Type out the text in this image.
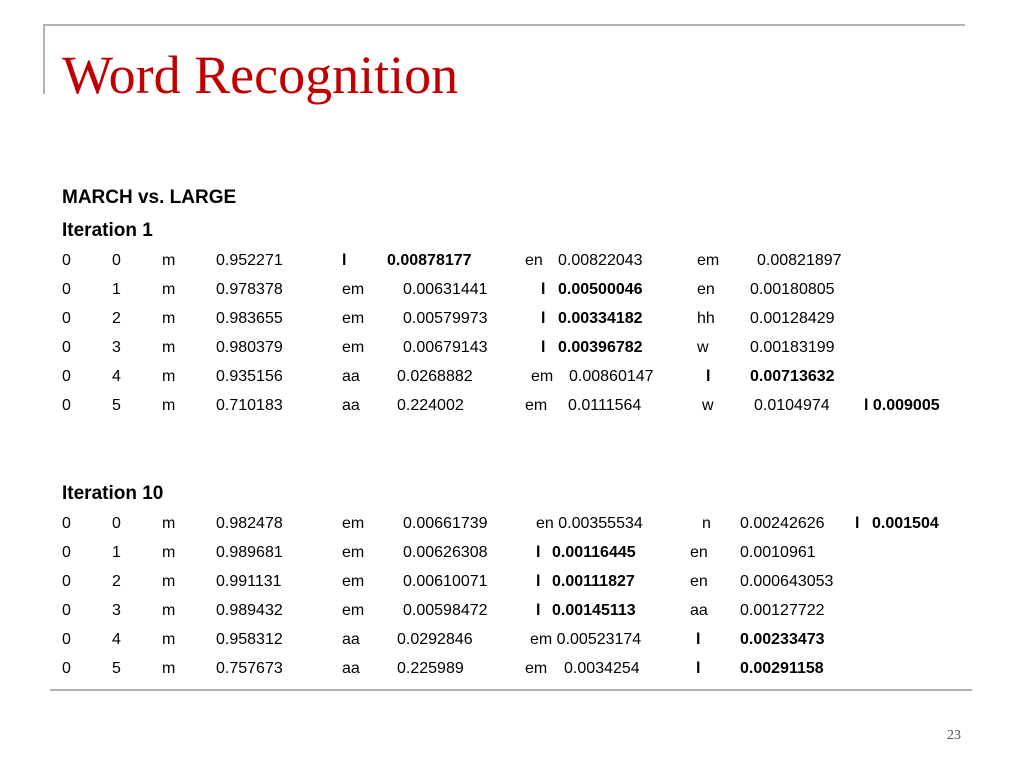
Word Recognition
MARCH vs. LARGE
Iteration 1
0	0	m	0.952271	l	0.00878177	en 0.00822043	em 0.00821897
0	1	m	0.978378	em 0.00631441	l 0.00500046	en 0.00180805
0	2	m	0.983655	em 0.00579973	l 0.00334182	hh 0.00128429
0	3	m	0.980379	em 0.00679143	l 0.00396782	w	0.00183199
0	4	m	0.935156	aa 0.0268882	em 0.00860147	l 0.00713632
0	5	m	0.710183	aa 0.224002	em 0.0111564	w	0.0104974 l 0.009005
Iteration 10
0	0	m	0.982478	em 0.00661739	en 0.00355534	n 0.00242626 l 0.001504
0	1	m	0.989681	em 0.00626308	l 0.00116445	en 0.0010961
0	2	m	0.991131	em 0.00610071	l 0.00111827	en 0.000643053
0	3	m	0.989432	em 0.00598472	l 0.00145113	aa 0.00127722
0	4	m	0.958312	aa 0.0292846	em 0.00523174	l 0.00233473
0	5	m	0.757673	aa 0.225989	em 0.0034254	l 0.00291158
23
